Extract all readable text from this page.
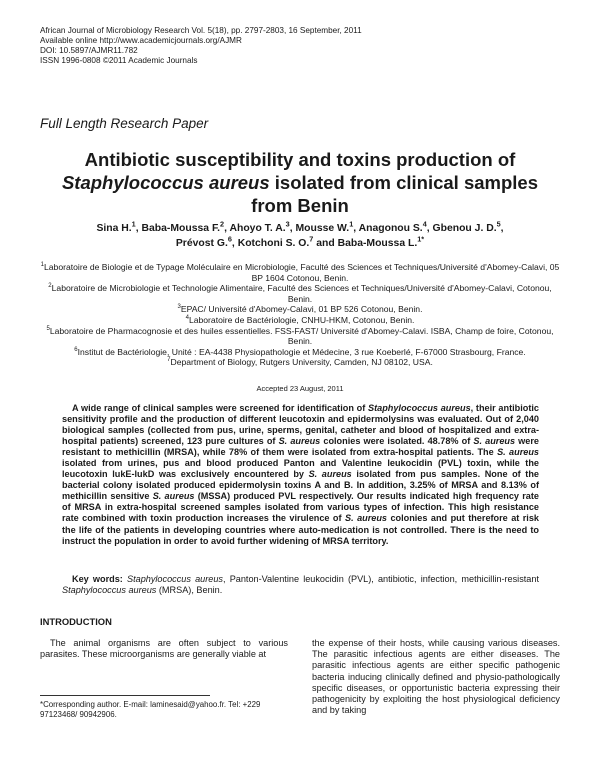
African Journal of Microbiology Research Vol. 5(18), pp. 2797-2803, 16 September, 2011
Available online http://www.academicjournals.org/AJMR
DOI: 10.5897/AJMR11.782
ISSN 1996-0808 ©2011 Academic Journals
Full Length Research Paper
Antibiotic susceptibility and toxins production of
Staphylococcus aureus isolated from clinical samples
from Benin
Sina H.$^1$, Baba-Moussa F.$^2$, Ahoyo T. A.$^3$, Mousse W.$^1$, Anagonou S.$^4$, Gbenou J. D.$^5$,
Prévost G.$^6$, Kotchoni S. O.$^7$ and Baba-Moussa L.$^{1*}$
$^1$Laboratoire de Biologie et de Typage Moléculaire en Microbiologie, Faculté des Sciences et Techniques/Université d'Abomey-Calavi, 05 BP 1604 Cotonou, Benin.
$^2$Laboratoire de Microbiologie et Technologie Alimentaire, Faculté des Sciences et Techniques/Université d'Abomey-Calavi, Cotonou, Benin.
$^3$EPAC/ Université d'Abomey-Calavi, 01 BP 526 Cotonou, Benin.
$^4$Laboratoire de Bactériologie, CNHU-HKM, Cotonou, Benin.
$^5$Laboratoire de Pharmacognosie et des huiles essentielles. FSS-FAST/ Université d'Abomey-Calavi. ISBA, Champ de foire, Cotonou, Benin.
$^6$Institut de Bactériologie, Unité : EA-4438 Physiopathologie et Médecine, 3 rue Koeberlé, F-67000 Strasbourg, France.
$^7$Department of Biology, Rutgers University, Camden, NJ 08102, USA.
Accepted 23 August, 2011
A wide range of clinical samples were screened for identification of Staphylococcus aureus, their antibiotic sensitivity profile and the production of different leucotoxin and epidermolysins was evaluated. Out of 2,040 biological samples (collected from pus, urine, sperms, genital, catheter and blood of hospitalized and extra-hospital patients) screened, 123 pure cultures of S. aureus colonies were isolated. 48.78% of S. aureus were resistant to methicillin (MRSA), while 78% of them were isolated from extra-hospital patients. The S. aureus isolated from urines, pus and blood produced Panton and Valentine leukocidin (PVL) toxin, while the leucotoxin lukE-lukD was exclusively encountered by S. aureus isolated from pus samples. None of the bacterial colony isolated produced epidermolysin toxins A and B. In addition, 3.25% of MRSA and 8.13% of methicillin sensitive S. aureus (MSSA) produced PVL respectively. Our results indicated high frequency rate of MRSA in extra-hospital screened samples isolated from various types of infection. This high resistance rate combined with toxin production increases the virulence of S. aureus colonies and put therefore at risk the life of the patients in developing countries where auto-medication is not controlled. There is the need to instruct the population in order to avoid further widening of MRSA territory.
Key words: Staphylococcus aureus, Panton-Valentine leukocidin (PVL), antibiotic, infection, methicillin-resistant Staphylococcus aureus (MRSA), Benin.
INTRODUCTION
The animal organisms are often subject to various parasites. These microorganisms are generally viable at
the expense of their hosts, while causing various diseases. The parasitic infectious agents are either diseases. The parasitic infectious agents are either specific pathogenic bacteria inducing clinically defined and physio-pathologically specific diseases, or opportunistic bacteria expressing their pathogenicity by exploiting the host physiological deficiency and by taking
*Corresponding author. E-mail: laminesaid@yahoo.fr. Tel: +229 97123468/ 90942906.
